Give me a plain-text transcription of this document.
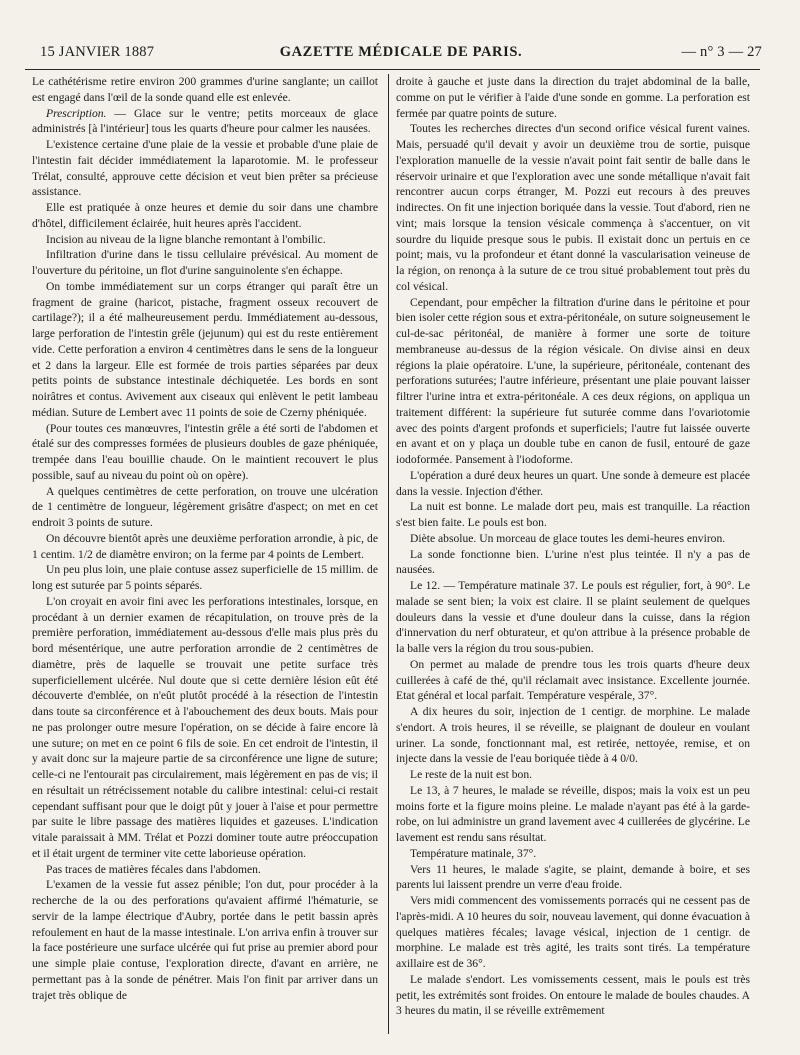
15 JANVIER 1887	GAZETTE MÉDICALE DE PARIS.	— n° 3 — 27

Le cathétérisme retire environ 200 grammes d'urine sanglante; un caillot est engagé dans l'œil de la sonde quand elle est enlevée.

Prescription. — Glace sur le ventre; petits morceaux de glace administrés [à l'intérieur] tous les quarts d'heure pour calmer les nausées.

L'existence certaine d'une plaie de la vessie et probable d'une plaie de l'intestin fait décider immédiatement la laparotomie. M. le professeur Trélat, consulté, approuve cette décision et veut bien prêter sa précieuse assistance.

Elle est pratiquée à onze heures et demie du soir dans une chambre d'hôtel, difficilement éclairée, huit heures après l'accident.

Incision au niveau de la ligne blanche remontant à l'ombilic.

Infiltration d'urine dans le tissu cellulaire prévésical. Au moment de l'ouverture du péritoine, un flot d'urine sanguinolente s'en échappe.

On tombe immédiatement sur un corps étranger qui paraît être un fragment de graine (haricot, pistache, fragment osseux recouvert de cartilage?); il a été malheureusement perdu. Immédiatement au-dessous, large perforation de l'intestin grêle (jejunum) qui est du reste entièrement vide. Cette perforation a environ 4 centimètres dans le sens de la longueur et 2 dans la largeur. Elle est formée de trois parties séparées par deux petits points de substance intestinale déchiquetée. Les bords en sont noirâtres et contus. Avivement aux ciseaux qui enlèvent le petit lambeau médian. Suture de Lembert avec 11 points de soie de Czerny phéniquée.

(Pour toutes ces manœuvres, l'intestin grêle a été sorti de l'abdomen et étalé sur des compresses formées de plusieurs doubles de gaze phéniquée, trempée dans l'eau bouillie chaude. On le maintient recouvert le plus possible, sauf au niveau du point où on opère).

A quelques centimètres de cette perforation, on trouve une ulcération de 1 centimètre de longueur, légèrement grisâtre d'aspect; on met en cet endroit 3 points de suture.

On découvre bientôt après une deuxième perforation arrondie, à pic, de 1 centim. 1/2 de diamètre environ; on la ferme par 4 points de Lembert.

Un peu plus loin, une plaie contuse assez superficielle de 15 millim. de long est suturée par 5 points séparés.

L'on croyait en avoir fini avec les perforations intestinales, lorsque, en procédant à un dernier examen de récapitulation, on trouve près de la première perforation, immédiatement au-dessous d'elle mais plus près du bord mésentérique, une autre perforation arrondie de 2 centimètres de diamètre, près de laquelle se trouvait une petite surface très superficiellement ulcérée. Nul doute que si cette dernière lésion eût été découverte d'emblée, on n'eût plutôt procédé à la résection de l'intestin dans toute sa circonférence et à l'abouchement des deux bouts. Mais pour ne pas prolonger outre mesure l'opération, on se décide à faire encore là une suture; on met en ce point 6 fils de soie. En cet endroit de l'intestin, il y avait donc sur la majeure partie de sa circonférence une ligne de suture; celle-ci ne l'entourait pas circulairement, mais légèrement en pas de vis; il en résultait un rétrécissement notable du calibre intestinal: celui-ci restait cependant suffisant pour que le doigt pût y jouer à l'aise et pour permettre par suite le libre passage des matières liquides et gazeuses. L'indication vitale paraissait à MM. Trélat et Pozzi dominer toute autre préoccupation et il était urgent de terminer vite cette laborieuse opération.

Pas traces de matières fécales dans l'abdomen.

L'examen de la vessie fut assez pénible; l'on dut, pour procéder à la recherche de la ou des perforations qu'avaient affirmé l'hématurie, se servir de la lampe électrique d'Aubry, portée dans le petit bassin après refoulement en haut de la masse intestinale. L'on arriva enfin à trouver sur la face postérieure une surface ulcérée qui fut prise au premier abord pour une simple plaie contuse, l'exploration directe, d'avant en arrière, ne permettant pas à la sonde de pénétrer. Mais l'on finit par arriver dans un trajet très oblique de

droite à gauche et juste dans la direction du trajet abdominal de la balle, comme on put le vérifier à l'aide d'une sonde en gomme. La perforation est fermée par quatre points de suture.

Toutes les recherches directes d'un second orifice vésical furent vaines. Mais, persuadé qu'il devait y avoir un deuxième trou de sortie, puisque l'exploration manuelle de la vessie n'avait point fait sentir de balle dans le réservoir urinaire et que l'exploration avec une sonde métallique n'avait fait rencontrer aucun corps étranger, M. Pozzi eut recours à des preuves indirectes. On fit une injection boriquée dans la vessie. Tout d'abord, rien ne vint; mais lorsque la tension vésicale commença à s'accentuer, on vit sourdre du liquide presque sous le pubis. Il existait donc un pertuis en ce point; mais, vu la profondeur et étant donné la vascularisation veineuse de la région, on renonça à la suture de ce trou situé probablement tout près du col vésical.

Cependant, pour empêcher la filtration d'urine dans le péritoine et pour bien isoler cette région sous et extra-péritonéale, on suture soigneusement le cul-de-sac péritonéal, de manière à former une sorte de toiture membraneuse au-dessus de la région vésicale. On divise ainsi en deux régions la plaie opératoire. L'une, la supérieure, péritonéale, contenant des perforations suturées; l'autre inférieure, présentant une plaie pouvant laisser filtrer l'urine intra et extra-péritonéale. A ces deux régions, on appliqua un traitement différent: la supérieure fut suturée comme dans l'ovariotomie avec des points d'argent profonds et superficiels; l'autre fut laissée ouverte en avant et on y plaça un double tube en canon de fusil, entouré de gaze iodoformée. Pansement à l'iodoforme.

L'opération a duré deux heures un quart. Une sonde à demeure est placée dans la vessie. Injection d'éther.

La nuit est bonne. Le malade dort peu, mais est tranquille. La réaction s'est bien faite. Le pouls est bon.

Diète absolue. Un morceau de glace toutes les demi-heures environ.

La sonde fonctionne bien. L'urine n'est plus teintée. Il n'y a pas de nausées.

Le 12. — Température matinale 37. Le pouls est régulier, fort, à 90°. Le malade se sent bien; la voix est claire. Il se plaint seulement de quelques douleurs dans la vessie et d'une douleur dans la cuisse, dans la région d'innervation du nerf obturateur, et qu'on attribue à la présence probable de la balle vers la région du trou sous-pubien.

On permet au malade de prendre tous les trois quarts d'heure deux cuillerées à café de thé, qu'il réclamait avec insistance. Excellente journée. Etat général et local parfait. Température vespérale, 37°.

A dix heures du soir, injection de 1 centigr. de morphine. Le malade s'endort. A trois heures, il se réveille, se plaignant de douleur en voulant uriner. La sonde, fonctionnant mal, est retirée, nettoyée, remise, et on injecte dans la vessie de l'eau boriquée tiède à 4 0/0.

Le reste de la nuit est bon.

Le 13, à 7 heures, le malade se réveille, dispos; mais la voix est un peu moins forte et la figure moins pleine. Le malade n'ayant pas été à la garde-robe, on lui administre un grand lavement avec 4 cuillerées de glycérine. Le lavement est rendu sans résultat.

Température matinale, 37°.

Vers 11 heures, le malade s'agite, se plaint, demande à boire, et ses parents lui laissent prendre un verre d'eau froide.

Vers midi commencent des vomissements porracés qui ne cessent pas de l'après-midi. A 10 heures du soir, nouveau lavement, qui donne évacuation à quelques matières fécales; lavage vésical, injection de 1 centigr. de morphine. Le malade est très agité, les traits sont tirés. La température axillaire est de 36°.

Le malade s'endort. Les vomissements cessent, mais le pouls est très petit, les extrémités sont froides. On entoure le malade de boules chaudes. A 3 heures du matin, il se réveille extrêmement
